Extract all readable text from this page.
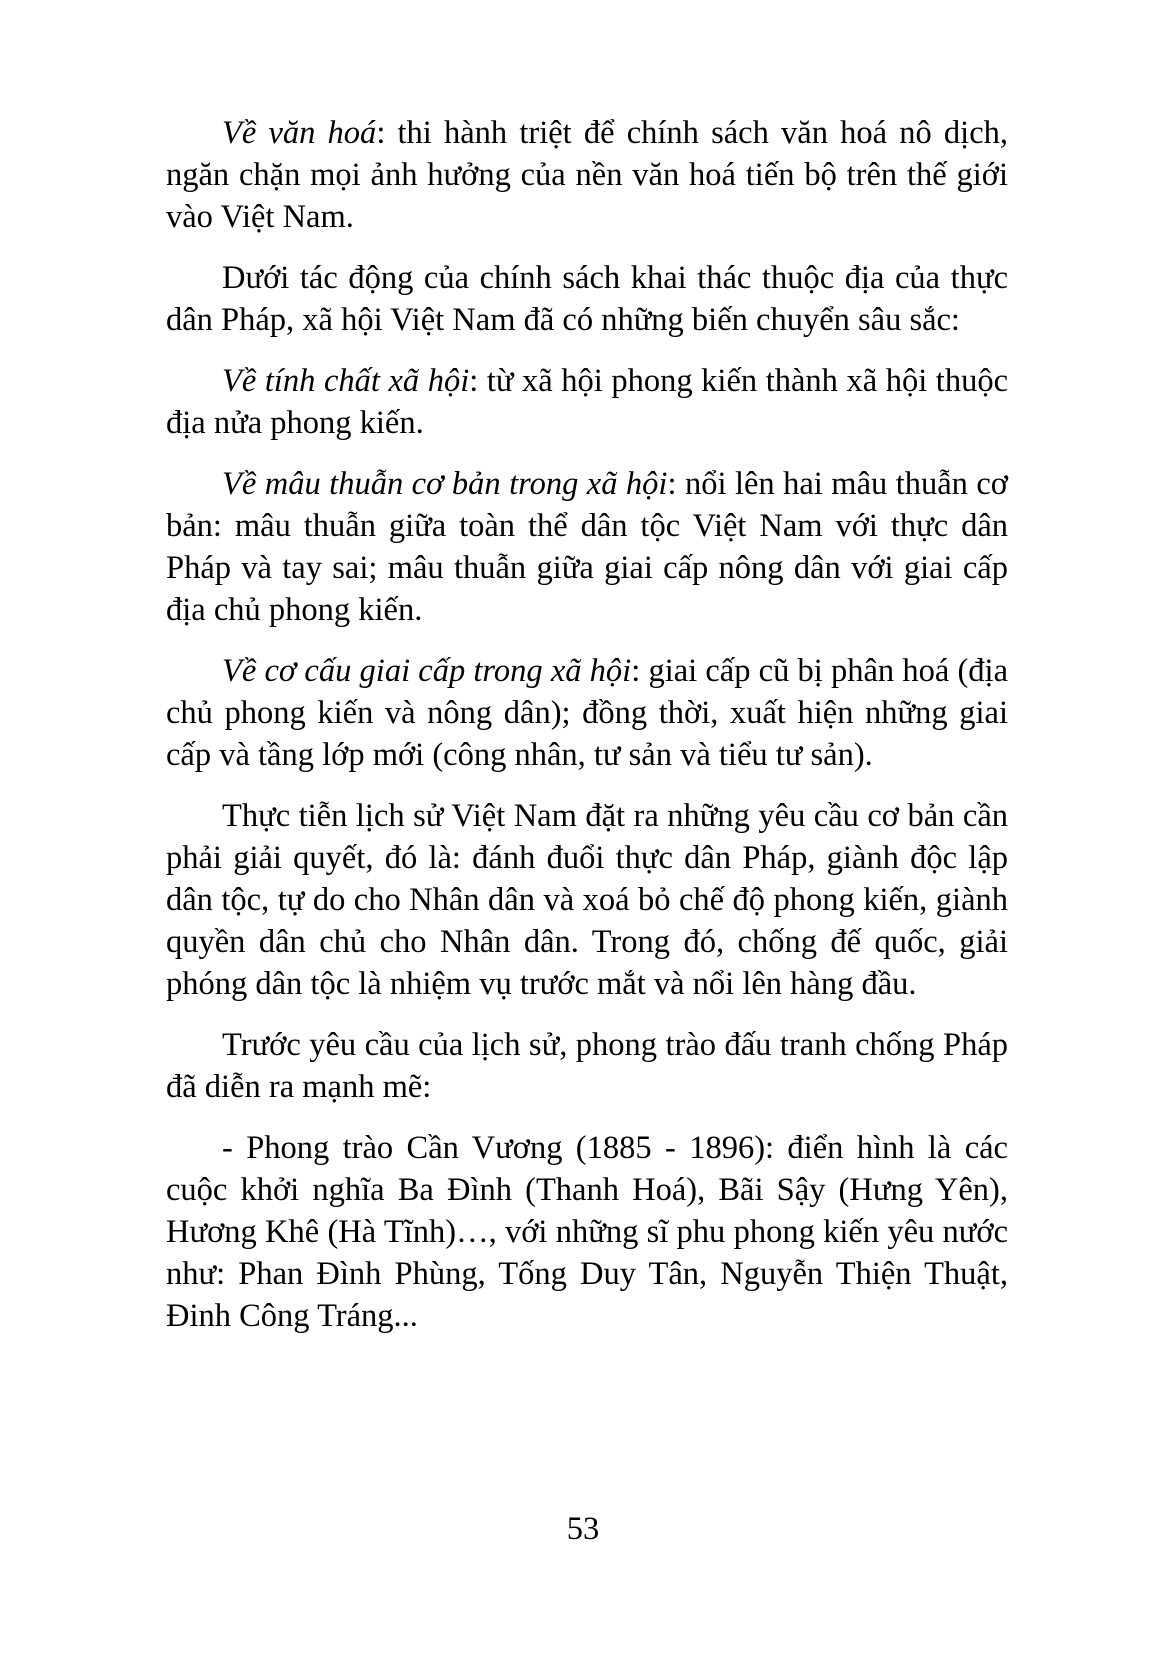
Về văn hoá: thi hành triệt để chính sách văn hoá nô dịch, ngăn chặn mọi ảnh hưởng của nền văn hoá tiến bộ trên thế giới vào Việt Nam.

Dưới tác động của chính sách khai thác thuộc địa của thực dân Pháp, xã hội Việt Nam đã có những biến chuyển sâu sắc:

Về tính chất xã hội: từ xã hội phong kiến thành xã hội thuộc địa nửa phong kiến.

Về mâu thuẫn cơ bản trong xã hội: nổi lên hai mâu thuẫn cơ bản: mâu thuẫn giữa toàn thể dân tộc Việt Nam với thực dân Pháp và tay sai; mâu thuẫn giữa giai cấp nông dân với giai cấp địa chủ phong kiến.

Về cơ cấu giai cấp trong xã hội: giai cấp cũ bị phân hoá (địa chủ phong kiến và nông dân); đồng thời, xuất hiện những giai cấp và tầng lớp mới (công nhân, tư sản và tiểu tư sản).

Thực tiễn lịch sử Việt Nam đặt ra những yêu cầu cơ bản cần phải giải quyết, đó là: đánh đuổi thực dân Pháp, giành độc lập dân tộc, tự do cho Nhân dân và xoá bỏ chế độ phong kiến, giành quyền dân chủ cho Nhân dân. Trong đó, chống đế quốc, giải phóng dân tộc là nhiệm vụ trước mắt và nổi lên hàng đầu.

Trước yêu cầu của lịch sử, phong trào đấu tranh chống Pháp đã diễn ra mạnh mẽ:

- Phong trào Cần Vương (1885 - 1896): điển hình là các cuộc khởi nghĩa Ba Đình (Thanh Hoá), Bãi Sậy (Hưng Yên), Hương Khê (Hà Tĩnh)…, với những sĩ phu phong kiến yêu nước như: Phan Đình Phùng, Tống Duy Tân, Nguyễn Thiện Thuật, Đinh Công Tráng...

53
